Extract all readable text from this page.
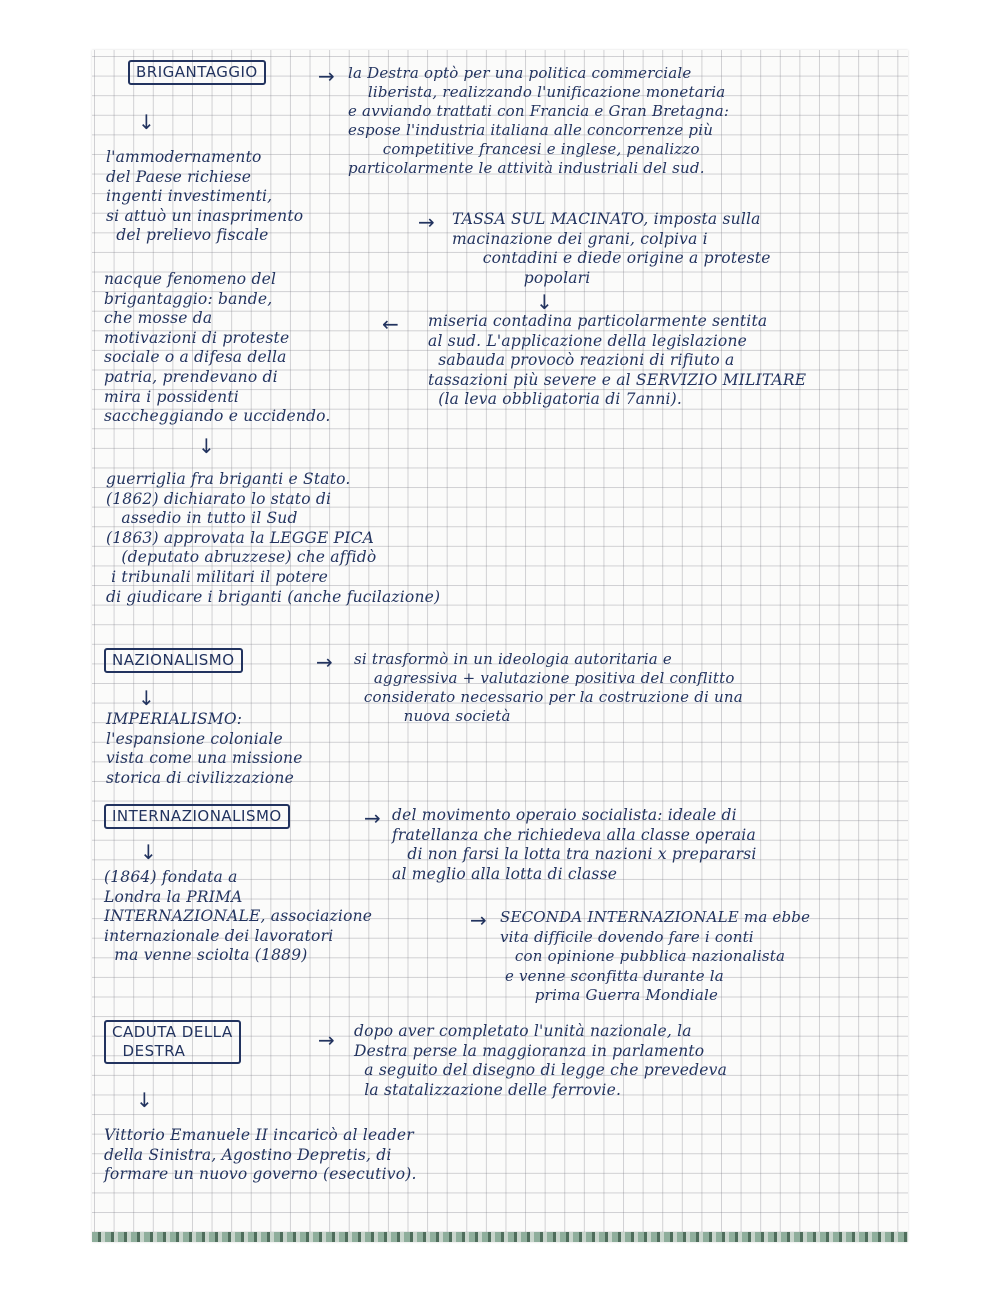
BRIGANTAGGIO	→ la Destra optò per una politica commerciale
liberista, realizzando l'unificazione monetaria
e avviando trattati con Francia e Gran Bretagna:
espose l'industria italiana alle concorrenze più
competitive francesi e inglese, penalizzo
particolarmente le attività industriali del sud.
↓
l'ammodernamento
del Paese richiese
ingenti investimenti,
si attuò un inasprimento
del prelievo fiscale
→ TASSA SUL MACINATO, imposta sulla
macinazione dei grani, colpiva i
contadini e diede origine a proteste
popolari
↓
nacque fenomeno del
brigantaggio: bande,
che mosse da
motivazioni di proteste
sociale o a difesa della
patria, prendevano di
mira i possidenti
saccheggiando e uccidendo.
← miseria contadina particolarmente sentita
al sud. L'applicazione della legislazione
sabauda provocò reazioni di rifiuto a
tassazioni più severe e al SERVIZIO MILITARE
(la leva obbligatoria di 7anni).
↓
guerriglia fra briganti e Stato.
(1862) dichiarato lo stato di
assedio in tutto il Sud
(1863) approvata la LEGGE PICA
(deputato abruzzese) che affidò
i tribunali militari il potere
di giudicare i briganti (anche fucilazione)
NAZIONALISMO	→ si trasformò in un ideologia autoritaria e
aggressiva + valutazione positiva del conflitto
considerato necessario per la costruzione di una
nuova società
↓
IMPERIALISMO:
l'espansione coloniale
vista come una missione
storica di civilizzazione
INTERNAZIONALISMO	→ del movimento operaio socialista: ideale di
fratellanza che richiedeva alla classe operaia
di non farsi la lotta tra nazioni x prepararsi
al meglio alla lotta di classe
↓
(1864) fondata a
Londra la PRIMA
INTERNAZIONALE, associazione
internazionale dei lavoratori
ma venne sciolta (1889)
→ SECONDA INTERNAZIONALE ma ebbe
vita difficile dovendo fare i conti
con opinione pubblica nazionalista
e venne sconfitta durante la
prima Guerra Mondiale
CADUTA DELLA
DESTRA	→ dopo aver completato l'unità nazionale, la
Destra perse la maggioranza in parlamento
a seguito del disegno di legge che prevedeva
la statalizzazione delle ferrovie.
↓
Vittorio Emanuele II incaricò al leader
della Sinistra, Agostino Depretis, di
formare un nuovo governo (esecutivo).
